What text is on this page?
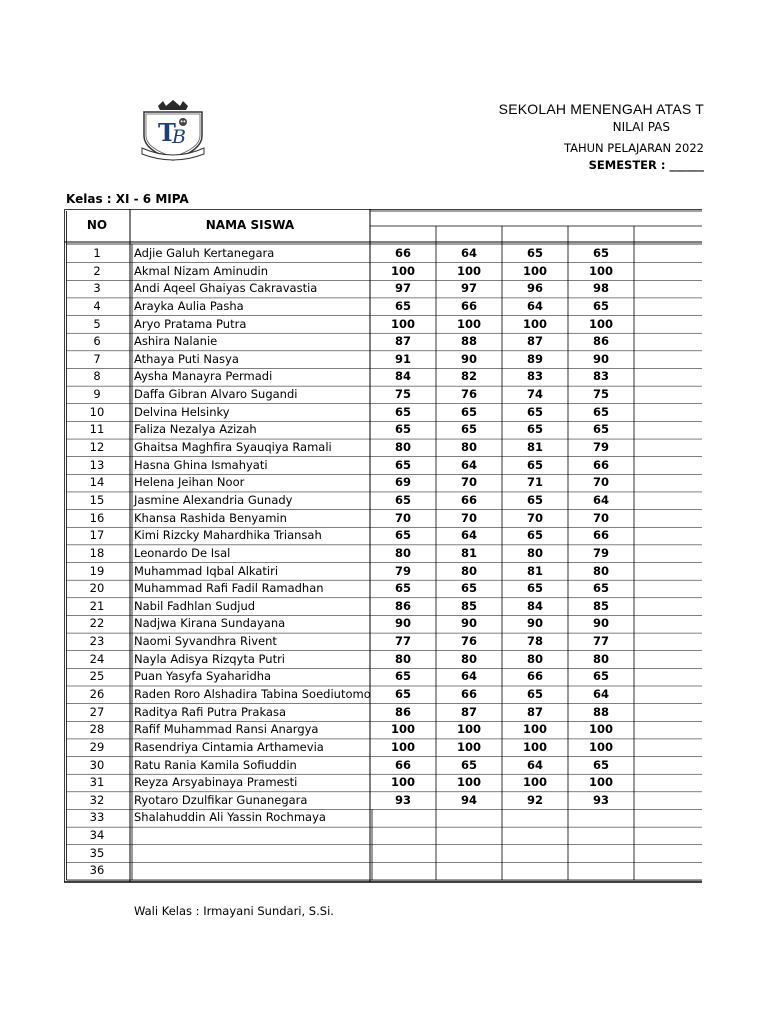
T
B
SEKOLAH MENENGAH ATAS T
NILAI PAS
TAHUN PELAJARAN 2022
SEMESTER : ______
Kelas : XI - 6 MIPA
NO	NAMA SISWA
1	Adjie Galuh Kertanegara	66	64	65	65
2	Akmal Nizam Aminudin	100	100	100	100
3	Andi Aqeel Ghaiyas Cakravastia	97	97	96	98
4	Arayka Aulia Pasha	65	66	64	65
5	Aryo Pratama Putra	100	100	100	100
6	Ashira Nalanie	87	88	87	86
7	Athaya Puti Nasya	91	90	89	90
8	Aysha Manayra Permadi	84	82	83	83
9	Daffa Gibran Alvaro Sugandi	75	76	74	75
10	Delvina Helsinky	65	65	65	65
11	Faliza Nezalya Azizah	65	65	65	65
12	Ghaitsa Maghfira Syauqiya Ramali	80	80	81	79
13	Hasna Ghina Ismahyati	65	64	65	66
14	Helena Jeihan Noor	69	70	71	70
15	Jasmine Alexandria Gunady	65	66	65	64
16	Khansa Rashida Benyamin	70	70	70	70
17	Kimi Rizcky Mahardhika Triansah	65	64	65	66
18	Leonardo De Isal	80	81	80	79
19	Muhammad Iqbal Alkatiri	79	80	81	80
20	Muhammad Rafi Fadil Ramadhan	65	65	65	65
21	Nabil Fadhlan Sudjud	86	85	84	85
22	Nadjwa Kirana Sundayana	90	90	90	90
23	Naomi Syvandhra Rivent	77	76	78	77
24	Nayla Adisya Rizqyta Putri	80	80	80	80
25	Puan Yasyfa Syaharidha	65	64	66	65
26	Raden Roro Alshadira Tabina Soediutomo	65	66	65	64
27	Raditya Rafi Putra Prakasa	86	87	87	88
28	Rafif Muhammad Ransi Anargya	100	100	100	100
29	Rasendriya Cintamia Arthamevia	100	100	100	100
30	Ratu Rania Kamila Sofiuddin	66	65	64	65
31	Reyza Arsyabinaya Pramesti	100	100	100	100
32	Ryotaro Dzulfikar Gunanegara	93	94	92	93
33	Shalahuddin Ali Yassin Rochmaya
34
35
36
Wali Kelas : Irmayani Sundari, S.Si.
